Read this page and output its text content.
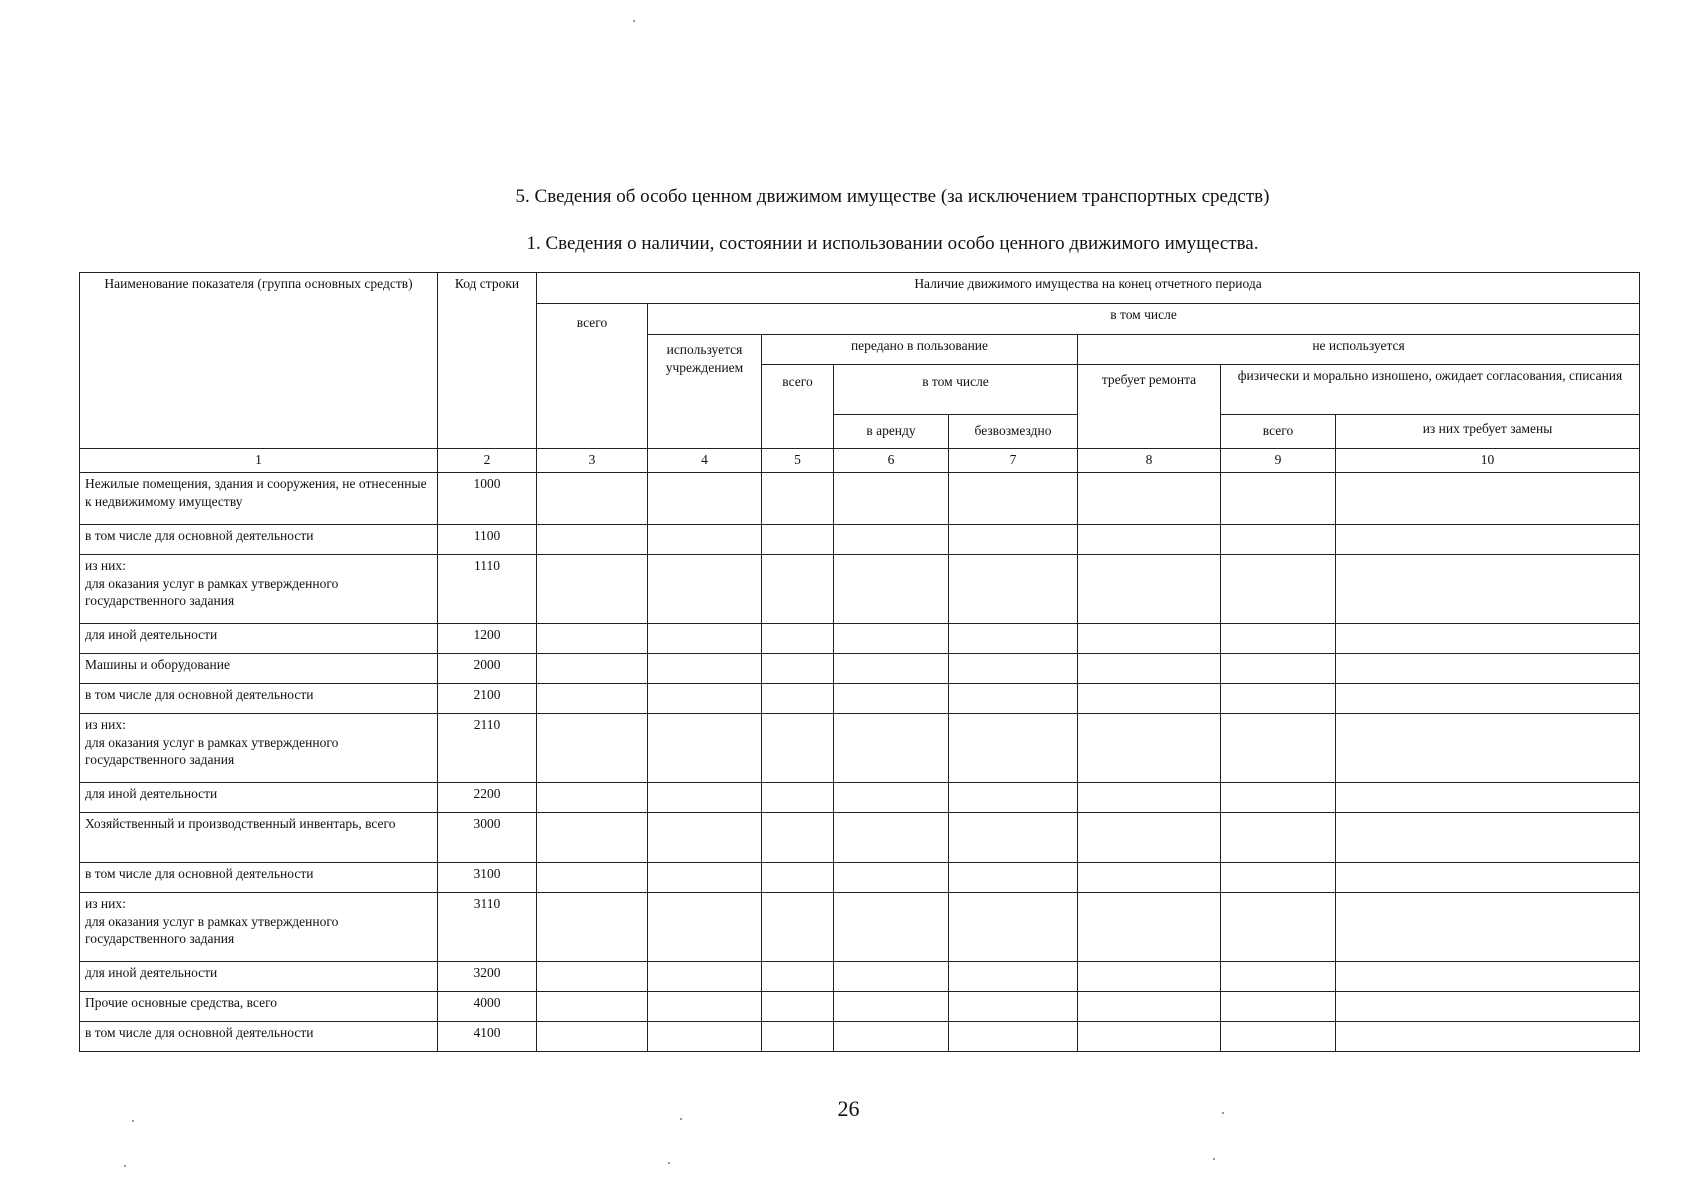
5. Сведения об особо ценном движимом имуществе (за исключением транспортных средств)
1. Сведения о наличии, состоянии и использовании особо ценного движимого имущества.
Наименование показателя (группа основных средств)	Код строки	Наличие движимого имущества на конец отчетного периода							
		всего	в том числе						
			используется учреждением	передано в пользование			не используется		
				всего	в том числе		требует ремонта	физически и морально изношено, ожидает согласования, списания	
					в аренду	безвозмездно		всего	из них требует замены
1	2	3	4	5	6	7	8	9	10
Нежилые помещения, здания и сооружения, не отнесенные к недвижимому имуществу	1000								
в том числе для основной деятельности	1100								
из них:
для оказания услуг в рамках утвержденного государственного задания	1110								
для иной деятельности	1200								
Машины и оборудование	2000								
в том числе для основной деятельности	2100								
из них:
для оказания услуг в рамках утвержденного государственного задания	2110								
для иной деятельности	2200								
Хозяйственный и производственный инвентарь, всего	3000								
в том числе для основной деятельности	3100								
из них:
для оказания услуг в рамках утвержденного государственного задания	3110								
для иной деятельности	3200								
Прочие основные средства, всего	4000								
в том числе для основной деятельности	4100								
26
